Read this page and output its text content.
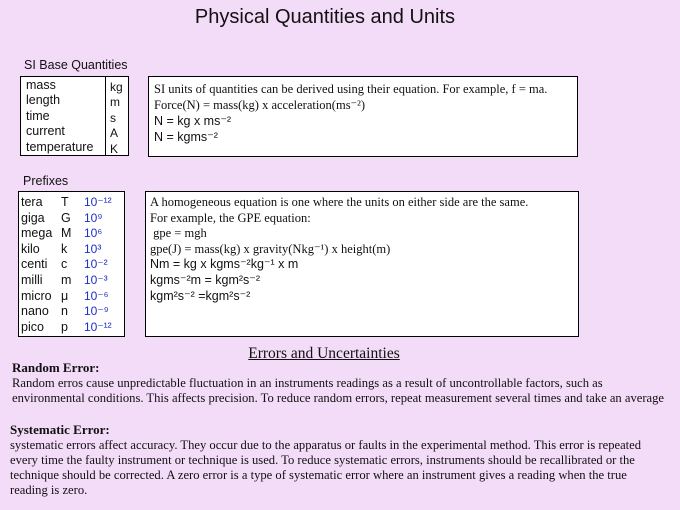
Physical Quantities and Units
SI Base Quantities
mass
length
time
current
temperature
kg
m
s
A
K
SI units of quantities can be derived using their equation. For example, f = ma.
Force(N) = mass(kg) x acceleration(ms⁻²)
N = kg x ms⁻²
N = kgms⁻²
Prefixes
tera
giga
mega
kilo
centi
milli
micro
nano
pico
T
G
M
k
c
m
μ
n
p
10⁻¹²
10⁹
10⁶
10³
10⁻²
10⁻³
10⁻⁶
10⁻⁹
10⁻¹²
A homogeneous equation is one where the units on either side are the same.
For example, the GPE equation:
gpe = mgh
gpe(J) = mass(kg) x gravity(Nkg⁻¹) x height(m)
Nm = kg x kgms⁻²kg⁻¹ x m
kgms⁻²m = kgm²s⁻²
kgm²s⁻² =kgm²s⁻²
Errors and Uncertainties
Random Error:
Random erros cause unpredictable fluctuation in an instruments readings as a result of uncontrollable factors, such as environmental conditions. This affects precision. To reduce random errors, repeat measurement several times and take an average
Systematic Error:
systematic errors affect accuracy. They occur due to the apparatus or faults in the experimental method. This error is repeated every time the faulty instrument or technique is used. To reduce systematic errors, instruments should be recallibrated or the technique should be corrected. A zero error is a type of systematic error where an instrument gives a reading when the true reading is zero.
